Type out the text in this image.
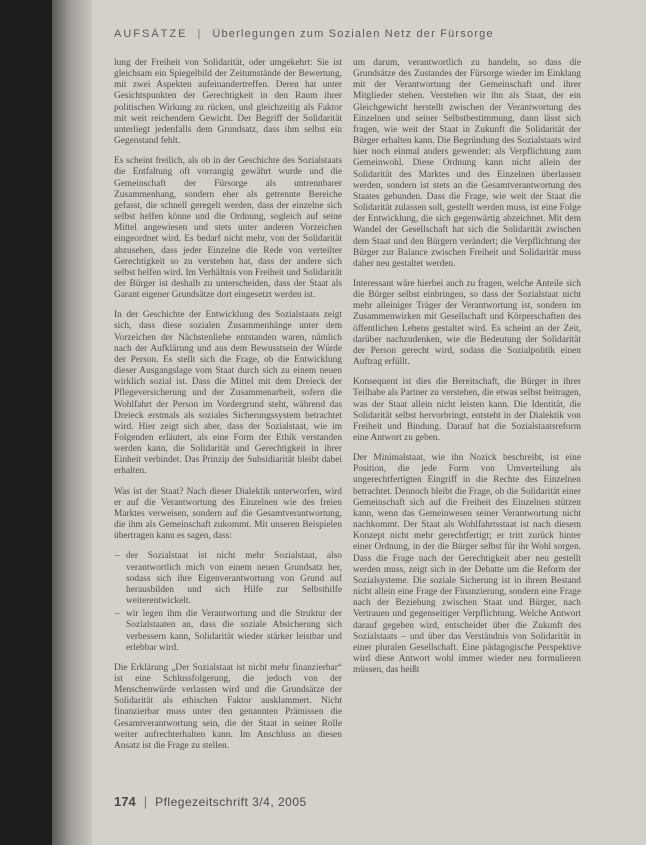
AUFSÄTZE | Überlegungen zum Sozialen Netz der Fürsorge

lung der Freiheit von Solidarität, oder umgekehrt: Sie ist gleichsam ein Spiegelbild der Zeitumstände der Bewertung, mit zwei Aspekten aufeinandertreffen. Deren hat unter Gesichtspunkten der Gerechtigkeit in den Raum ihrer politischen Wirkung zu rücken, und gleichzeitig als Faktor mit weit reichendem Gewicht. Der Begriff der Solidarität unterliegt jedenfalls dem Grundsatz, dass ihm selbst ein Gegenstand fehlt.

Es scheint freilich, als ob in der Geschichte des Sozialstaats die Entfaltung oft vorrangig gewährt wurde und die Gemeinschaft der Fürsorge als untrennbarer Zusammenhang, sondern eher als getrennte Bereiche gefasst, die schnell geregelt werden, dass der einzelne sich selbst helfen könne und die Ordnung, sogleich auf seine Mittel angewiesen und stets unter anderen Vorzeichen eingeordnet wird. Es bedarf nicht mehr, von der Solidarität abzusehen, dass jeder Einzelne die Rede von verteilter Gerechtigkeit so zu verstehen hat, dass der andere sich selbst helfen wird. Im Verhältnis von Freiheit und Solidarität der Bürger ist deshalb zu unterscheiden, dass der Staat als Garant eigener Grundsätze dort eingesetzt werden ist.

In der Geschichte der Entwicklung des Sozialstaats zeigt sich, dass diese sozialen Zusammenhänge unter dem Vorzeichen der Nächstenliebe entstanden waren, nämlich nach der Aufklärung und aus dem Bewusstsein der Würde der Person. Es stellt sich die Frage, ob die Entwicklung dieser Ausgangslage vom Staat durch sich zu einem neuen wirklich sozial ist. Dass die Mittel mit dem Dreieck der Pflegeversicherung und der Zusammenarbeit, sofern die Wohlfahrt der Person im Vordergrund steht, während das Dreieck erstmals als soziales Sicherungssystem betrachtet wird. Hier zeigt sich aber, dass der Sozialstaat, wie im Folgenden erläutert, als eine Form der Ethik verstanden werden kann, die Solidarität und Gerechtigkeit in ihrer Einheit verbindet. Das Prinzip der Subsidiarität bleibt dabei erhalten.

Was ist der Staat? Nach dieser Dialektik unterworfen, wird er auf die Verantwortung des Einzelnen wie des freien Marktes verweisen, sondern auf die Gesamtverantwortung, die ihm als Gemeinschaft zukommt. Mit unseren Beispielen übertragen kann es sagen, dass:

– der Sozialstaat ist nicht mehr Sozialstaat, also verantwortlich mich von einem neuen Grundsatz her, sodass sich ihre Eigenverantwortung von Grund auf herausbilden und sich Hilfe zur Selbsthilfe weiterentwickelt.
– wir legen ihm die Verantwortung und die Struktur der Sozialstaaten an, dass die soziale Absicherung sich verbessern kann, Solidarität wieder stärker leistbar und erlebbar wird.

Die Erklärung „Der Sozialstaat ist nicht mehr finanzierbar“ ist eine Schlussfolgerung, die jedoch von der Menschenwürde verlassen wird und die Grundsätze der Solidarität als ethischen Faktor ausklammert. Nicht finanzierbar muss unter den genannten Prämissen die Gesamtverantwortung sein, die der Staat in seiner Rolle weiter aufrechterhalten kann. Im Anschluss an diesen Ansatz ist die Frage zu stellen.

um darum, verantwortlich zu handeln, so dass die Grundsätze des Zustandes der Fürsorge wieder im Einklang mit der Verantwortung der Gemeinschaft und ihrer Mitglieder stehen. Verstehen wir ihn als Staat, der ein Gleichgewicht herstellt zwischen der Verantwortung des Einzelnen und seiner Selbstbestimmung, dann lässt sich fragen, wie weit der Staat in Zukunft die Solidarität der Bürger erhalten kann. Die Begründung des Sozialstaats wird hier noch einmal anders gewendet: als Verpflichtung zum Gemeinwohl. Diese Ordnung kann nicht allein der Solidarität des Marktes und des Einzelnen überlassen werden, sondern ist stets an die Gesamtverantwortung des Staates gebunden. Dass die Frage, wie weit der Staat die Solidarität zulassen soll, gestellt werden muss, ist eine Folge der Entwicklung, die sich gegenwärtig abzeichnet. Mit dem Wandel der Gesellschaft hat sich die Solidarität zwischen dem Staat und den Bürgern verändert; die Verpflichtung der Bürger zur Balance zwischen Freiheit und Solidarität muss daher neu gestaltet werden.

Interessant wäre hierbei auch zu fragen, welche Anteile sich die Bürger selbst einbringen, so dass der Sozialstaat nicht mehr alleiniger Träger der Verantwortung ist, sondern im Zusammenwirken mit Gesellschaft und Körperschaften des öffentlichen Lebens gestaltet wird. Es scheint an der Zeit, darüber nachzudenken, wie die Bedeutung der Solidarität der Person gerecht wird, sodass die Sozialpolitik einen Auftrag erfüllt.

Konsequent ist dies die Bereitschaft, die Bürger in ihrer Teilhabe als Partner zu verstehen, die etwas selbst beitragen, was der Staat allein nicht leisten kann. Die Identität, die Solidarität selbst hervorbringt, entsteht in der Dialektik von Freiheit und Bindung. Darauf hat die Sozialstaatsreform eine Antwort zu geben.

Der Minimalstaat, wie ihn Nozick beschreibt, ist eine Position, die jede Form von Umverteilung als ungerechtfertigten Eingriff in die Rechte des Einzelnen betrachtet. Dennoch bleibt die Frage, ob die Solidarität einer Gemeinschaft sich auf die Freiheit des Einzelnen stützen kann, wenn das Gemeinwesen seiner Verantwortung nicht nachkommt. Der Staat als Wohlfahrtsstaat ist nach diesem Konzept nicht mehr gerechtfertigt; er tritt zurück hinter einer Ordnung, in der die Bürger selbst für ihr Wohl sorgen. Dass die Frage nach der Gerechtigkeit aber neu gestellt werden muss, zeigt sich in der Debatte um die Reform der Sozialsysteme. Die soziale Sicherung ist in ihrem Bestand nicht allein eine Frage der Finanzierung, sondern eine Frage nach der Beziehung zwischen Staat und Bürger, nach Vertrauen und gegenseitiger Verpflichtung. Welche Antwort darauf gegeben wird, entscheidet über die Zukunft des Sozialstaats – und über das Verständnis von Solidarität in einer pluralen Gesellschaft. Eine pädagogische Perspektive wird diese Antwort wohl immer wieder neu formulieren müssen, das heißt

174 | Pflegezeitschrift 3/4, 2005
